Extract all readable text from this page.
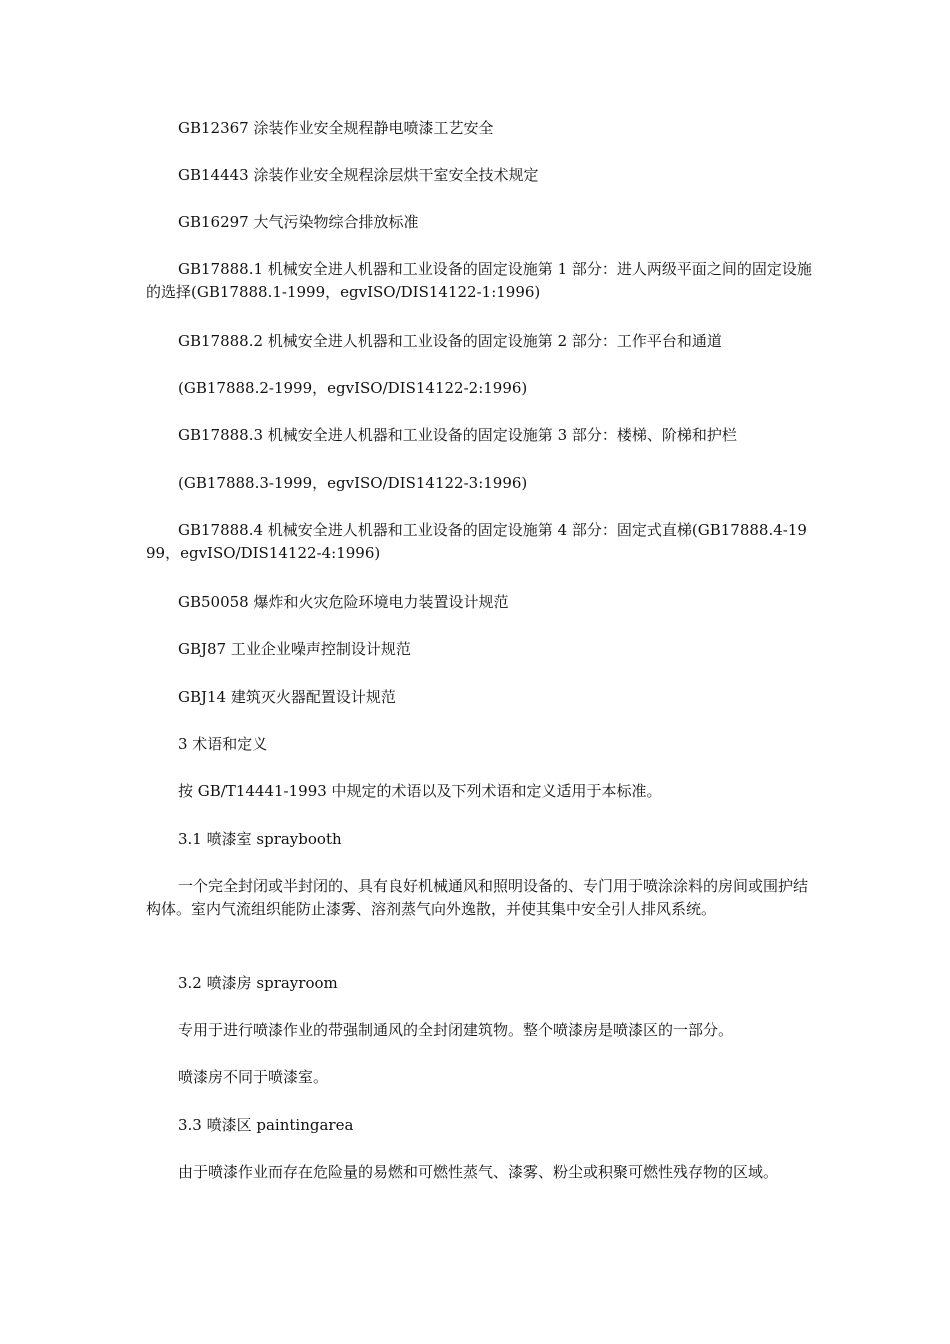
GB12367 涂装作业安全规程静电喷漆工艺安全

GB14443 涂装作业安全规程涂层烘干室安全技术规定

GB16297 大气污染物综合排放标准

GB17888.1 机械安全进人机器和工业设备的固定设施第 1 部分：进人两级平面之间的固定设施的选择(GB17888.1-1999，egvISO/DIS14122-1:1996)

GB17888.2 机械安全进人机器和工业设备的固定设施第 2 部分：工作平台和通道

(GB17888.2-1999，egvISO/DIS14122-2:1996)

GB17888.3 机械安全进人机器和工业设备的固定设施第 3 部分：楼梯、阶梯和护栏

(GB17888.3-1999，egvISO/DIS14122-3:1996)

GB17888.4 机械安全进人机器和工业设备的固定设施第 4 部分：固定式直梯(GB17888.4-1999，egvISO/DIS14122-4:1996)

GB50058 爆炸和火灾危险环境电力装置设计规范

GBJ87 工业企业噪声控制设计规范

GBJ14 建筑灭火器配置设计规范

3 术语和定义

按 GB/T14441-1993 中规定的术语以及下列术语和定义适用于本标准。

3.1 喷漆室 spraybooth

一个完全封闭或半封闭的、具有良好机械通风和照明设备的、专门用于喷涂涂料的房间或围护结构体。室内气流组织能防止漆雾、溶剂蒸气向外逸散，并使其集中安全引人排风系统。

3.2 喷漆房 sprayroom

专用于进行喷漆作业的带强制通风的全封闭建筑物。整个喷漆房是喷漆区的一部分。

喷漆房不同于喷漆室。

3.3 喷漆区 paintingarea

由于喷漆作业而存在危险量的易燃和可燃性蒸气、漆雾、粉尘或积聚可燃性残存物的区域。
